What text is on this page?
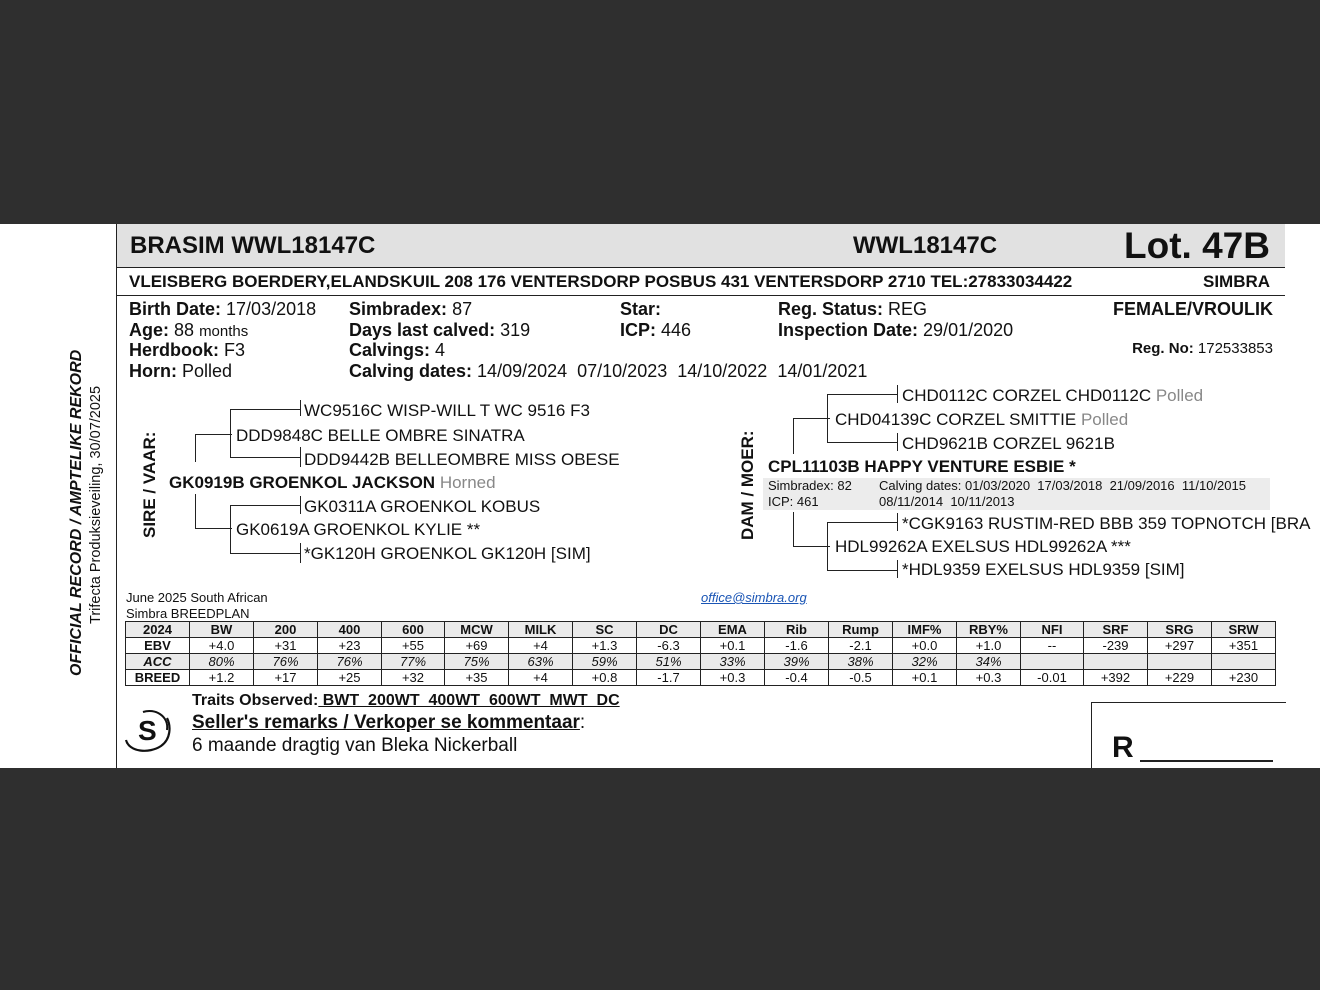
OFFICIAL RECORD / AMPTELIKE REKORD Trifecta Produksieveiling, 30/07/2025
BRASIM WWL18147C	WWL18147C	Lot. 47B
VLEISBERG BOERDERY,ELANDSKUIL 208 176 VENTERSDORP POSBUS 431 VENTERSDORP 2710 TEL:27833034422	SIMBRA
Birth Date: 17/03/2018
Age: 88 months
Herdbook: F3
Horn: Polled
Simbradex: 87
Days last calved: 319
Calvings: 4
Calving dates: 14/09/2024  07/10/2023  14/10/2022  14/01/2021
Star:
ICP: 446
Reg. Status: REG
Inspection Date: 29/01/2020
FEMALE/VROULIK
Reg. No: 172533853
SIRE / VAAR:
WC9516C WISP-WILL T WC 9516 F3
DDD9848C BELLE OMBRE SINATRA
DDD9442B BELLEOMBRE MISS OBESE
GK0919B GROENKOL JACKSON Horned
GK0311A GROENKOL KOBUS
GK0619A GROENKOL KYLIE **
*GK120H GROENKOL GK120H [SIM]
DAM / MOER:
CHD0112C CORZEL CHD0112C Polled
CHD04139C CORZEL SMITTIE Polled
CHD9621B CORZEL 9621B
CPL11103B HAPPY VENTURE ESBIE *
Simbradex: 82
ICP: 461
Calving dates: 01/03/2020  17/03/2018  21/09/2016  11/10/2015
08/11/2014  10/11/2013
*CGK9163 RUSTIM-RED BBB 359 TOPNOTCH [BRA
HDL99262A EXELSUS HDL99262A ***
*HDL9359 EXELSUS HDL9359 [SIM]
June 2025 South African
Simbra BREEDPLAN
office@simbra.org
2024	BW	200	400	600	MCW	MILK	SC	DC	EMA	Rib	Rump	IMF%	RBY%	NFI	SRF	SRG	SRW
EBV	+4.0	+31	+23	+55	+69	+4	+1.3	-6.3	+0.1	-1.6	-2.1	+0.0	+1.0	--	-239	+297	+351
ACC	80%	76%	76%	77%	75%	63%	59%	51%	33%	39%	38%	32%	34%				
BREED	+1.2	+17	+25	+32	+35	+4	+0.8	-1.7	+0.3	-0.4	-0.5	+0.1	+0.3	-0.01	+392	+229	+230
S
Traits Observed: BWT  200WT  400WT  600WT  MWT  DC
Seller's remarks / Verkoper se kommentaar:
6 maande dragtig van Bleka Nickerball	R
